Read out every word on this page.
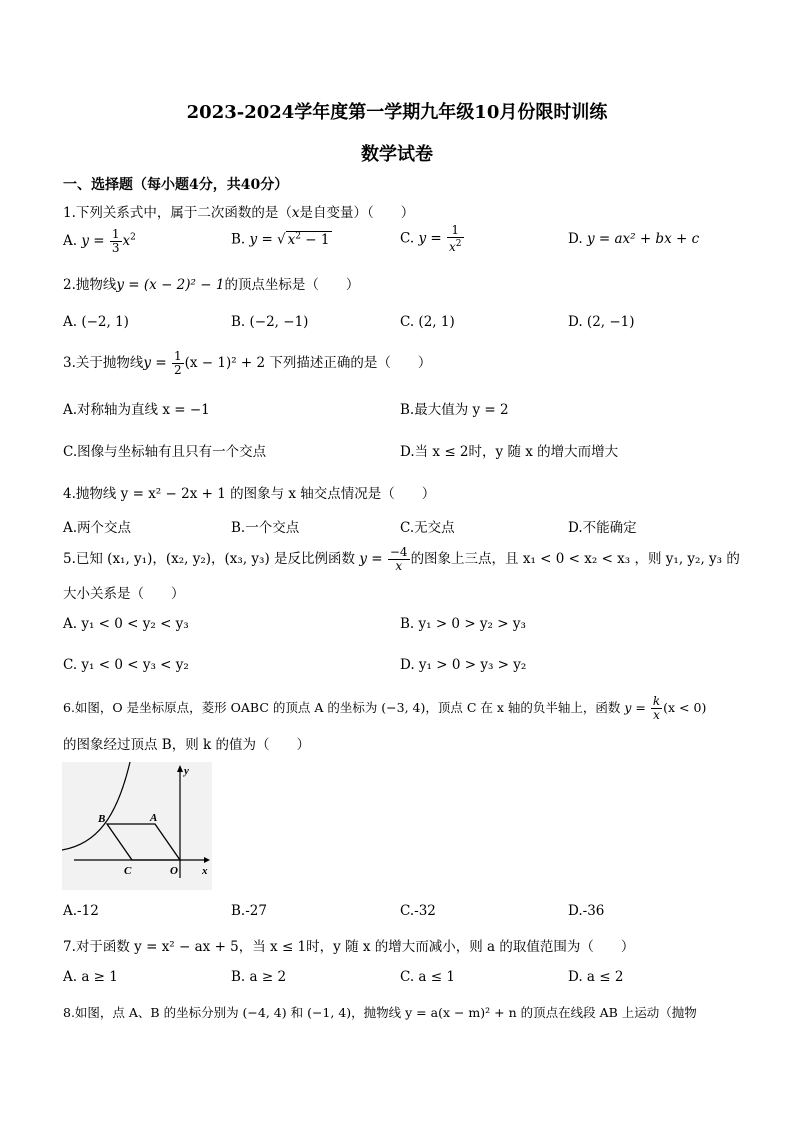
2023-2024学年度第一学期九年级10月份限时训练
数学试卷
一、选择题（每小题4分，共40分）
1.下列关系式中，属于二次函数的是（x是自变量）（　　）
A. $y = \frac{1}{3} x^2$	B. y = √ $x^2 - 1$	C. $y = \frac{1}{x^2}$	D. y = ax² + bx + c
2.抛物线y = (x − 2)² − 1的顶点坐标是（　　）
A. (−2, 1)	B. (−2, −1)	C. (2, 1)	D. (2, −1)
3.关于抛物线$y = \frac{1}{2} (x - 1)^2 + 2$ 下列描述正确的是（　　）
A.对称轴为直线 x = −1	B.最大值为 y = 2
C.图像与坐标轴有且只有一个交点	D.当 x ≤ 2时，y 随 x 的增大而增大
4.抛物线 y = x² − 2x + 1 的图象与 x 轴交点情况是（　　）
A.两个交点	B.一个交点	C.无交点	D.不能确定
5.已知 (x₁, y₁)，(x₂, y₂)，(x₃, y₃) 是反比例函数 $y = \frac{-4}{x}$ 的图象上三点，且 x₁ < 0 < x₂ < x₃ ，则 y₁, y₂, y₃ 的
大小关系是（　　）
A. y₁ < 0 < y₂ < y₃	B. y₁ > 0 > y₂ > y₃
C. y₁ < 0 < y₃ < y₂	D. y₁ > 0 > y₃ > y₂
6.如图，O 是坐标原点，菱形 OABC 的顶点 A 的坐标为 (−3, 4)，顶点 C 在 x 轴的负半轴上，函数 $y = \frac{k}{x} (x < 0)$
的图象经过顶点 B，则 k 的值为（　　）
y
x
B	A
C	O
A.-12	B.-27	C.-32	D.-36
7.对于函数 y = x² − ax + 5，当 x ≤ 1时，y 随 x 的增大而减小，则 a 的取值范围为（　　）
A. a ≥ 1	B. a ≥ 2	C. a ≤ 1	D. a ≤ 2
8.如图，点 A、B 的坐标分别为 (−4, 4) 和 (−1, 4)，抛物线 y = a(x − m)² + n 的顶点在线段 AB 上运动（抛物
